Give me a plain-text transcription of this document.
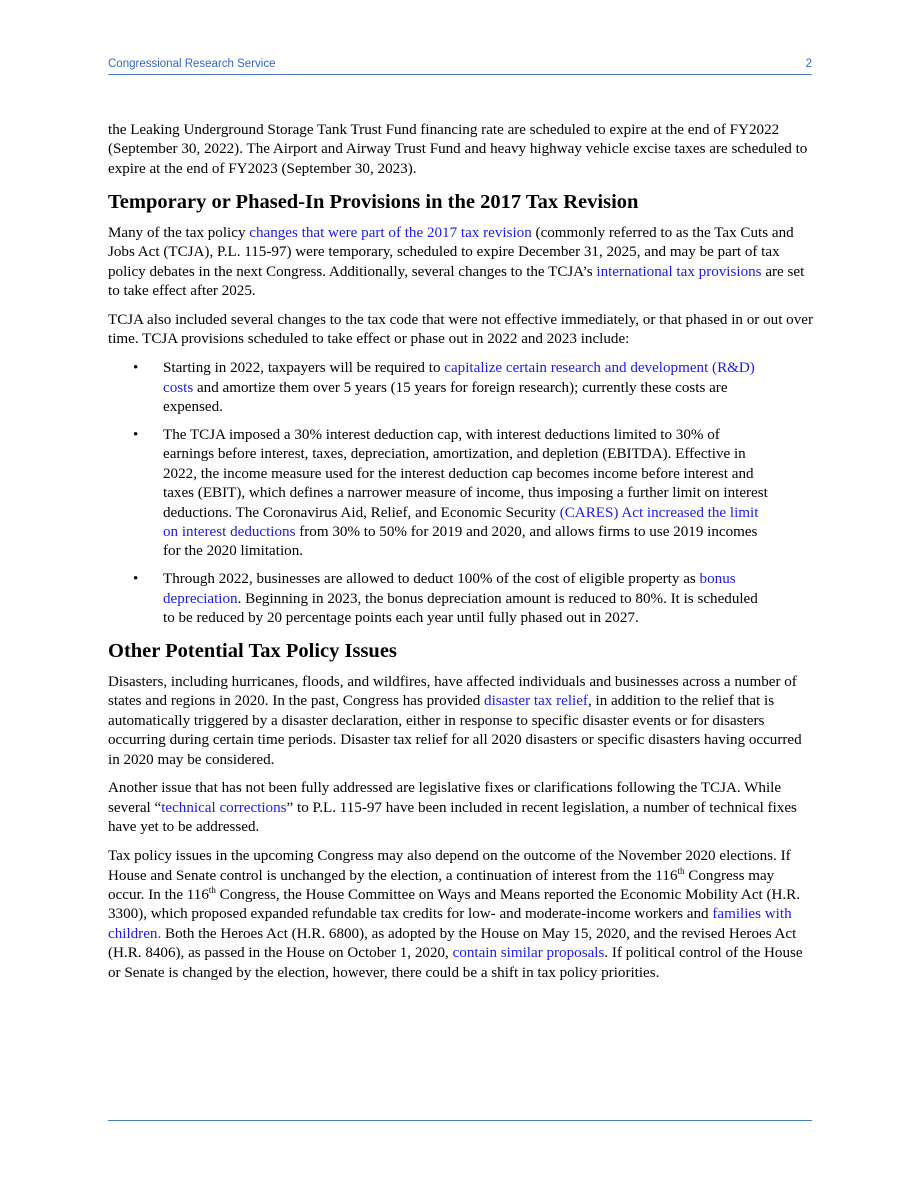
Congressional Research Service	2

the Leaking Underground Storage Tank Trust Fund financing rate are scheduled to expire at the end of FY2022 (September 30, 2022). The Airport and Airway Trust Fund and heavy highway vehicle excise taxes are scheduled to expire at the end of FY2023 (September 30, 2023).

Temporary or Phased-In Provisions in the 2017 Tax Revision

Many of the tax policy changes that were part of the 2017 tax revision (commonly referred to as the Tax Cuts and Jobs Act (TCJA), P.L. 115-97) were temporary, scheduled to expire December 31, 2025, and may be part of tax policy debates in the next Congress. Additionally, several changes to the TCJA’s international tax provisions are set to take effect after 2025.

TCJA also included several changes to the tax code that were not effective immediately, or that phased in or out over time. TCJA provisions scheduled to take effect or phase out in 2022 and 2023 include:

• Starting in 2022, taxpayers will be required to capitalize certain research and development (R&D) costs and amortize them over 5 years (15 years for foreign research); currently these costs are expensed.
• The TCJA imposed a 30% interest deduction cap, with interest deductions limited to 30% of earnings before interest, taxes, depreciation, amortization, and depletion (EBITDA). Effective in 2022, the income measure used for the interest deduction cap becomes income before interest and taxes (EBIT), which defines a narrower measure of income, thus imposing a further limit on interest deductions. The Coronavirus Aid, Relief, and Economic Security (CARES) Act increased the limit on interest deductions from 30% to 50% for 2019 and 2020, and allows firms to use 2019 incomes for the 2020 limitation.
• Through 2022, businesses are allowed to deduct 100% of the cost of eligible property as bonus depreciation. Beginning in 2023, the bonus depreciation amount is reduced to 80%. It is scheduled to be reduced by 20 percentage points each year until fully phased out in 2027.
Other Potential Tax Policy Issues

Disasters, including hurricanes, floods, and wildfires, have affected individuals and businesses across a number of states and regions in 2020. In the past, Congress has provided disaster tax relief, in addition to the relief that is automatically triggered by a disaster declaration, either in response to specific disaster events or for disasters occurring during certain time periods. Disaster tax relief for all 2020 disasters or specific disasters having occurred in 2020 may be considered.

Another issue that has not been fully addressed are legislative fixes or clarifications following the TCJA. While several “technical corrections” to P.L. 115-97 have been included in recent legislation, a number of technical fixes have yet to be addressed.

Tax policy issues in the upcoming Congress may also depend on the outcome of the November 2020 elections. If House and Senate control is unchanged by the election, a continuation of interest from the 116th Congress may occur. In the 116th Congress, the House Committee on Ways and Means reported the Economic Mobility Act (H.R. 3300), which proposed expanded refundable tax credits for low- and moderate-income workers and families with children. Both the Heroes Act (H.R. 6800), as adopted by the House on May 15, 2020, and the revised Heroes Act (H.R. 8406), as passed in the House on October 1, 2020, contain similar proposals. If political control of the House or Senate is changed by the election, however, there could be a shift in tax policy priorities.
